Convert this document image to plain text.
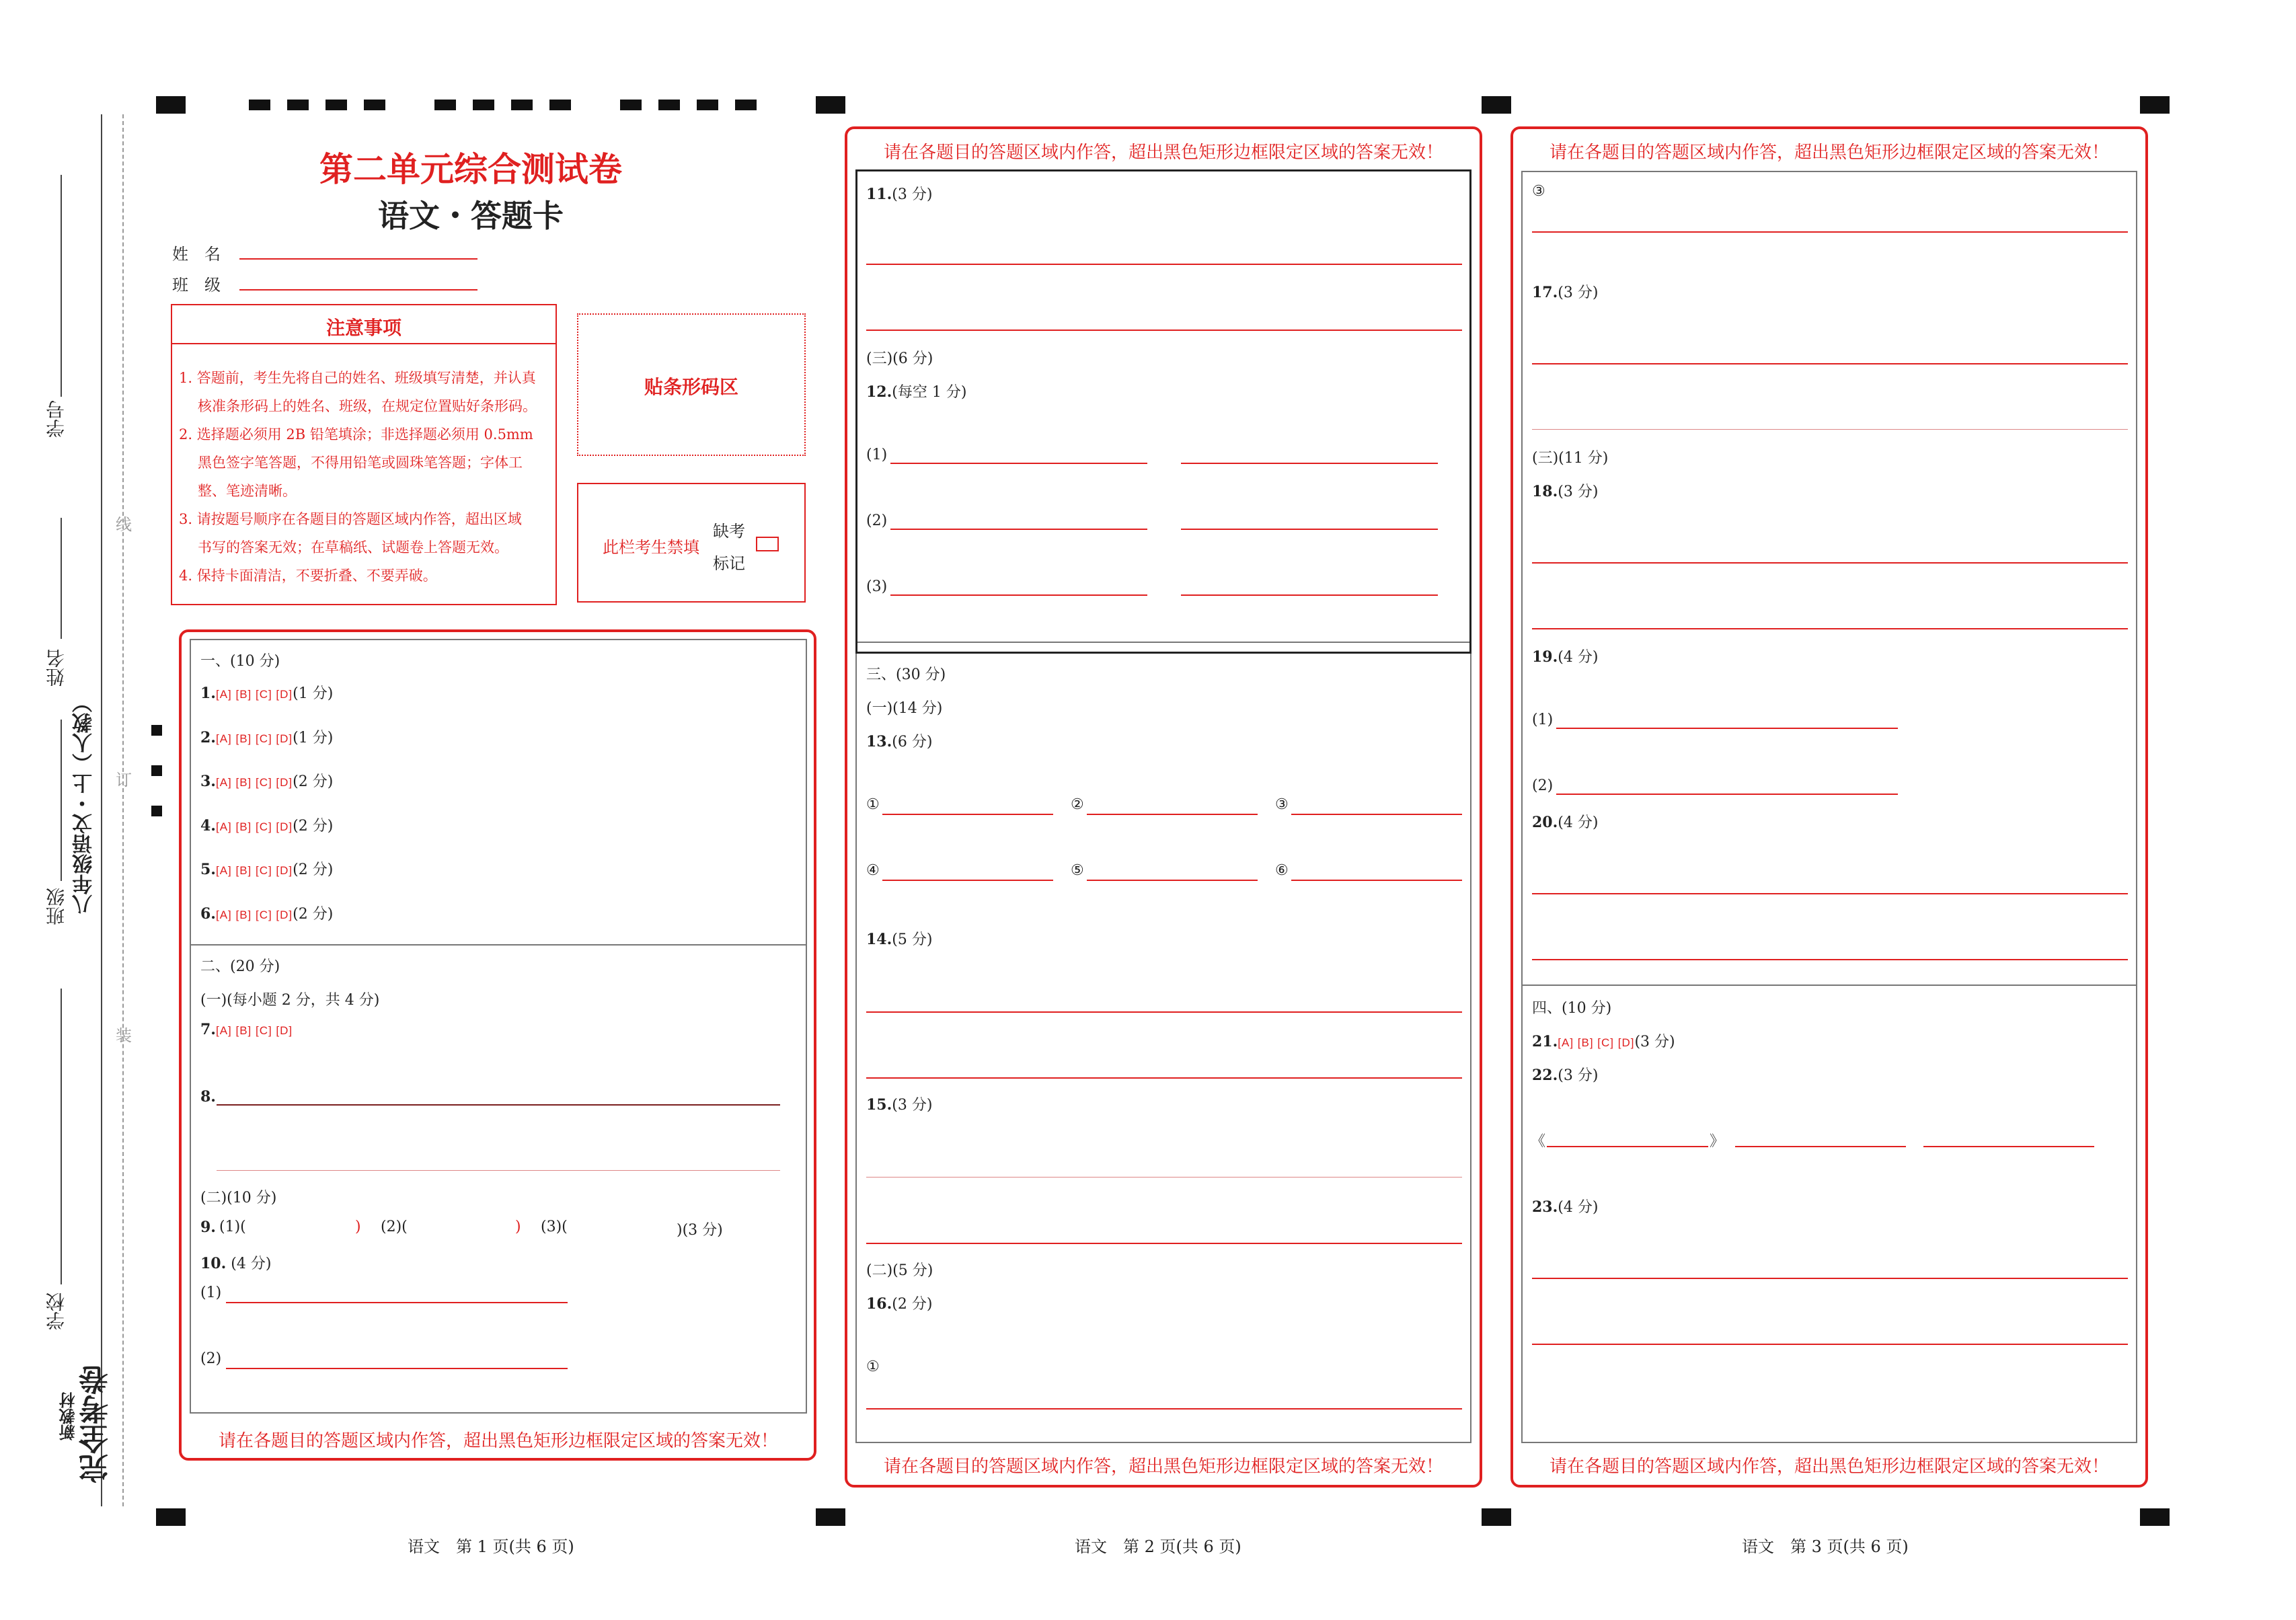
线
订
装
学号
姓名
班级
学校
八年级语文・上（人教）
新教材 完全考卷
第二单元综合测试卷
语文・答题卡
姓　名
班　级
注意事项
1. 答题前，考生先将自己的姓名、班级填写清楚，并认真
核准条形码上的姓名、班级，在规定位置贴好条形码。
2. 选择题必须用 2B 铅笔填涂；非选择题必须用 0.5mm
黑色签字笔答题，不得用铅笔或圆珠笔答题；字体工
整、笔迹清晰。
3. 请按题号顺序在各题目的答题区域内作答，超出区域
书写的答案无效；在草稿纸、试题卷上答题无效。
4. 保持卡面清洁，不要折叠、不要弄破。
贴条形码区
此栏考生禁填
缺考
标记
请在各题目的答题区域内作答，超出黑色矩形边框限定区域的答案无效！
一、(10 分)
1.[A] [B] [C] [D](1 分)
2.[A] [B] [C] [D](1 分)
3.[A] [B] [C] [D](2 分)
4.[A] [B] [C] [D](2 分)
5.[A] [B] [C] [D](2 分)
6.[A] [B] [C] [D](2 分)
二、(20 分)
(一)(每小题 2 分，共 4 分)
7.[A] [B] [C] [D]
8.
(二)(10 分)
9. (1)(	) (2)(	) (3)(	)(3 分)
10. (4 分)
(1)
(2)
请在各题目的答题区域内作答，超出黑色矩形边框限定区域的答案无效！
请在各题目的答题区域内作答，超出黑色矩形边框限定区域的答案无效！
11.(3 分)
(三)(6 分)
12.(每空 1 分)
(1)
(2)
(3)
三、(30 分)
(一)(14 分)
13.(6 分)
①	②	③
④	⑤	⑥
14.(5 分)
15.(3 分)
(二)(5 分)
16.(2 分)
①
请在各题目的答题区域内作答，超出黑色矩形边框限定区域的答案无效！
请在各题目的答题区域内作答，超出黑色矩形边框限定区域的答案无效！
③
17.(3 分)
(三)(11 分)
18.(3 分)
19.(4 分)
(1)
(2)
20.(4 分)
四、(10 分)
21.[A] [B] [C] [D](3 分)
22.(3 分)
《	》
23.(4 分)
语文　第 1 页(共 6 页)	语文　第 2 页(共 6 页)	语文　第 3 页(共 6 页)
